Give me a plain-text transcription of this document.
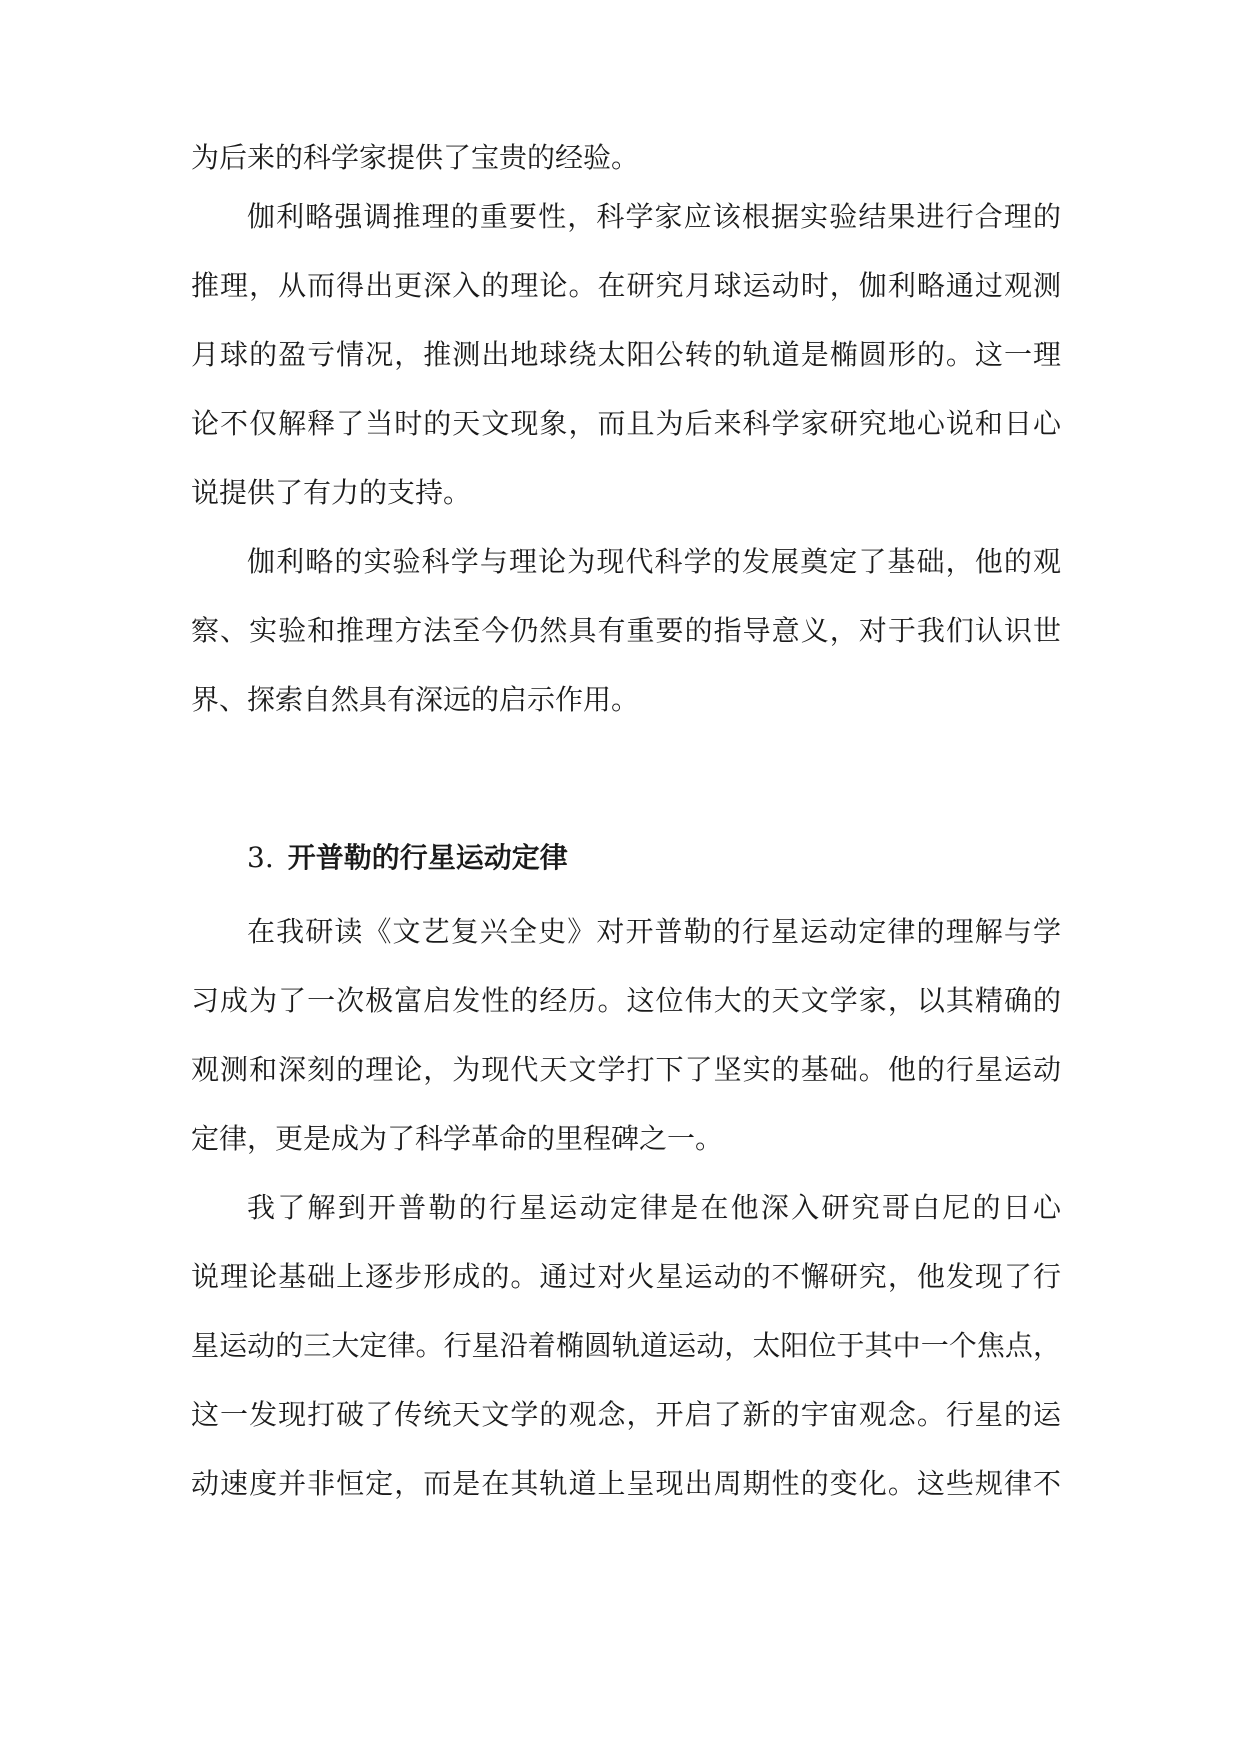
为后来的科学家提供了宝贵的经验。
伽利略强调推理的重要性，科学家应该根据实验结果进行合理的
推理，从而得出更深入的理论。在研究月球运动时，伽利略通过观测
月球的盈亏情况，推测出地球绕太阳公转的轨道是椭圆形的。这一理
论不仅解释了当时的天文现象，而且为后来科学家研究地心说和日心
说提供了有力的支持。
伽利略的实验科学与理论为现代科学的发展奠定了基础，他的观
察、实验和推理方法至今仍然具有重要的指导意义，对于我们认识世
界、探索自然具有深远的启示作用。
3. 开普勒的行星运动定律
在我研读《文艺复兴全史》对开普勒的行星运动定律的理解与学
习成为了一次极富启发性的经历。这位伟大的天文学家，以其精确的
观测和深刻的理论，为现代天文学打下了坚实的基础。他的行星运动
定律，更是成为了科学革命的里程碑之一。
我了解到开普勒的行星运动定律是在他深入研究哥白尼的日心
说理论基础上逐步形成的。通过对火星运动的不懈研究，他发现了行
星运动的三大定律。行星沿着椭圆轨道运动，太阳位于其中一个焦点，
这一发现打破了传统天文学的观念，开启了新的宇宙观念。行星的运
动速度并非恒定，而是在其轨道上呈现出周期性的变化。这些规律不
